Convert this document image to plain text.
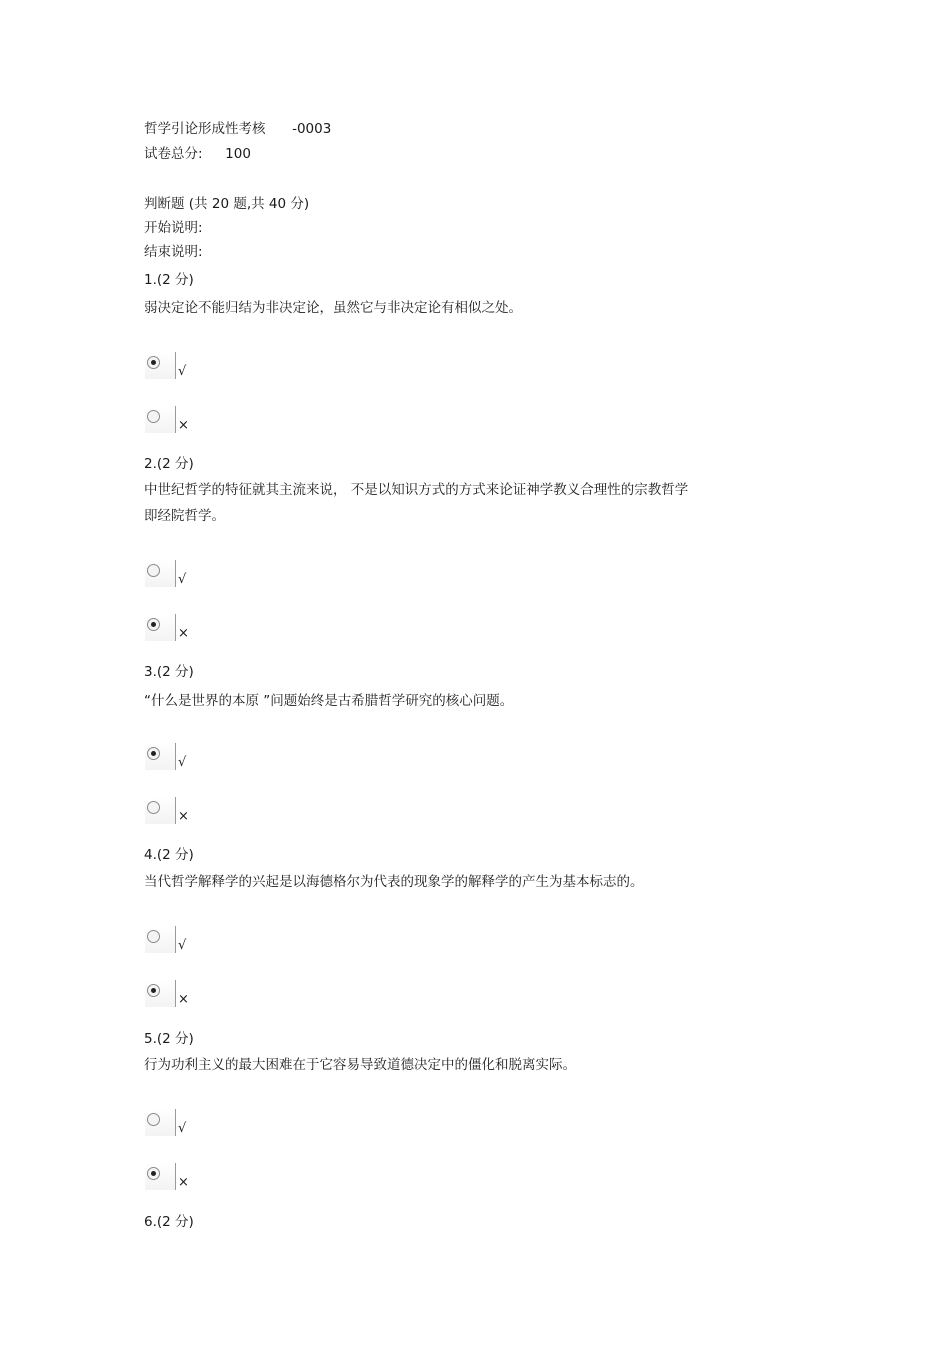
哲学引论形成性考核 -0003
试卷总分: 100
判断题 (共 20 题,共 40 分)
开始说明:
结束说明:
1.(2 分)
弱决定论不能归结为非决定论，虽然它与非决定论有相似之处。
√
×
2.(2 分)
中世纪哲学的特征就其主流来说， 不是以知识方式的方式来论证神学教义合理性的宗教哲学
即经院哲学。
√
×
3.(2 分)
“什么是世界的本原 ”问题始终是古希腊哲学研究的核心问题。
√
×
4.(2 分)
当代哲学解释学的兴起是以海德格尔为代表的现象学的解释学的产生为基本标志的。
√
×
5.(2 分)
行为功利主义的最大困难在于它容易导致道德决定中的僵化和脱离实际。
√
×
6.(2 分)
